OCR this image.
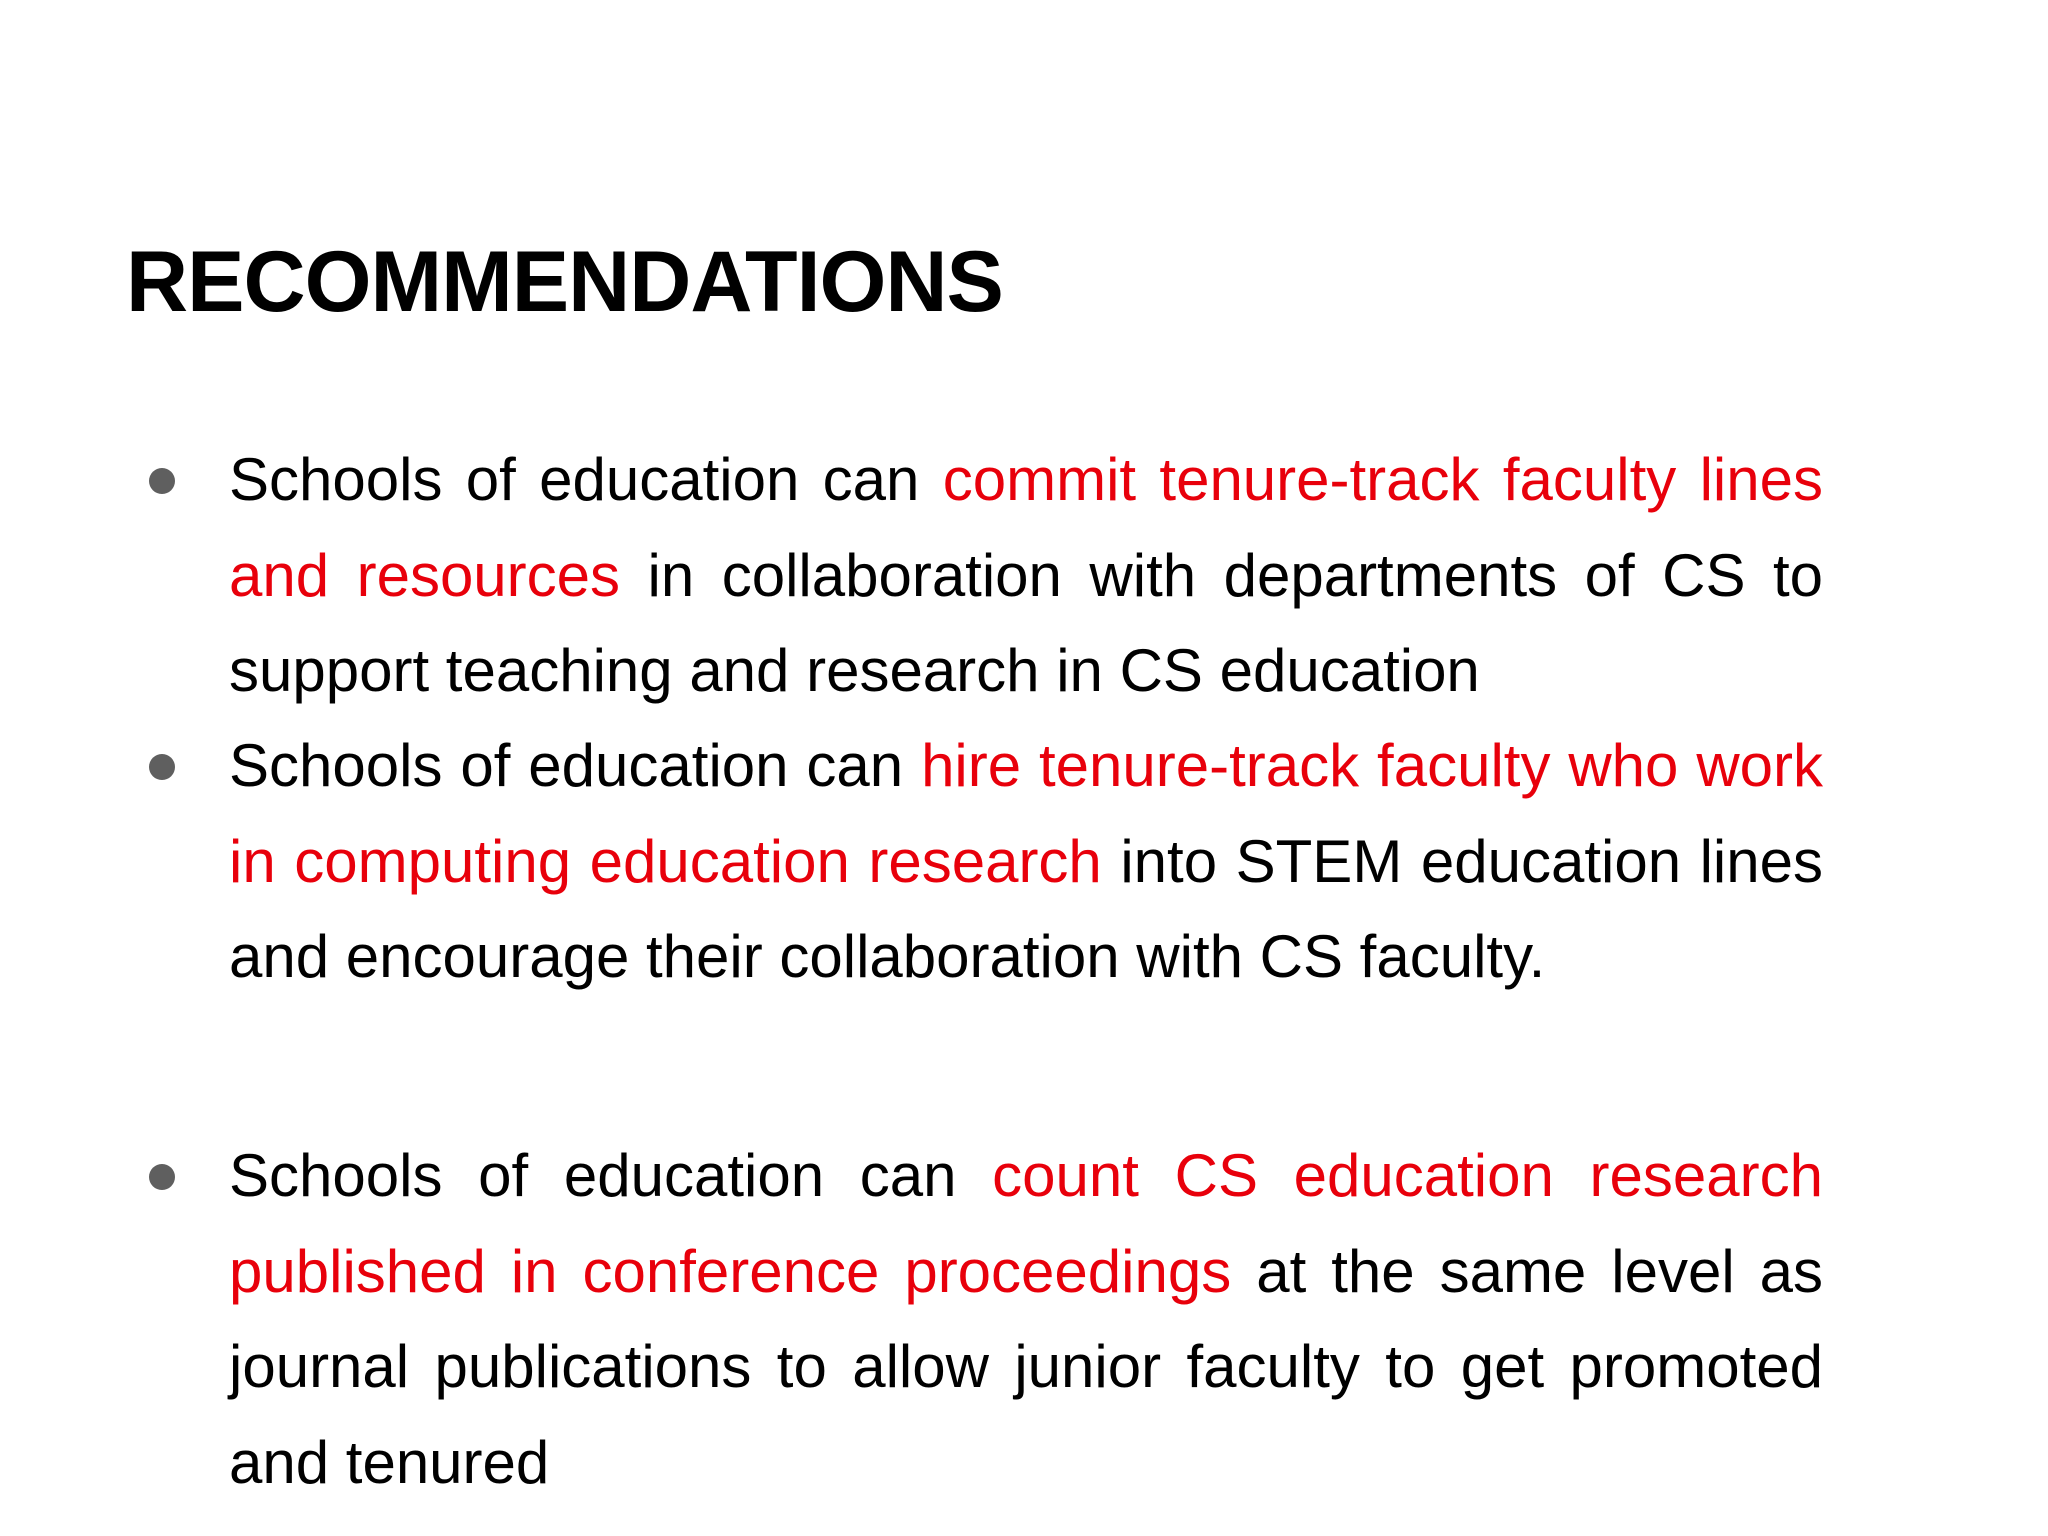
RECOMMENDATIONS

Schools of education can commit tenure-track faculty lines and resources in collaboration with departments of CS to support teaching and research in CS education

Schools of education can hire tenure-track faculty who work in computing education research into STEM education lines and encourage their collaboration with CS faculty.

Schools of education can count CS education research published in conference proceedings at the same level as journal publications to allow junior faculty to get promoted and tenured
